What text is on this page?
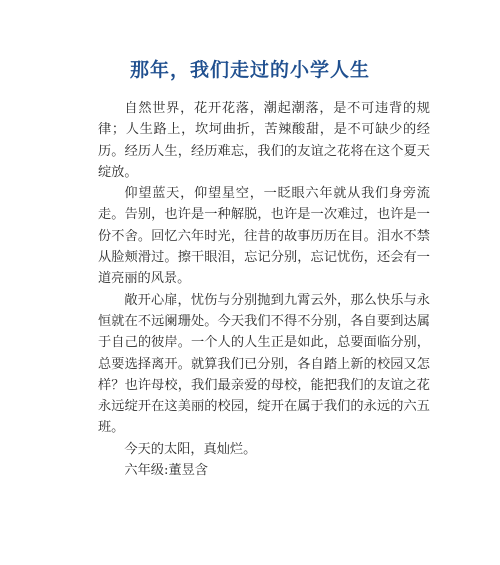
那年，我们走过的小学人生

自然世界，花开花落，潮起潮落，是不可违背的规律；人生路上，坎坷曲折，苦辣酸甜，是不可缺少的经历。经历人生，经历难忘，我们的友谊之花将在这个夏天绽放。

仰望蓝天，仰望星空，一眨眼六年就从我们身旁流走。告别，也许是一种解脱，也许是一次难过，也许是一份不舍。回忆六年时光，往昔的故事历历在目。泪水不禁从脸颊滑过。擦干眼泪，忘记分别，忘记忧伤，还会有一道亮丽的风景。

敞开心扉，忧伤与分别抛到九霄云外，那么快乐与永恒就在不远阑珊处。今天我们不得不分别，各自要到达属于自己的彼岸。一个人的人生正是如此，总要面临分别，总要选择离开。就算我们已分别，各自踏上新的校园又怎样？也许母校，我们最亲爱的母校，能把我们的友谊之花永远绽开在这美丽的校园，绽开在属于我们的永远的六五班。

今天的太阳，真灿烂。

六年级:董昱含
